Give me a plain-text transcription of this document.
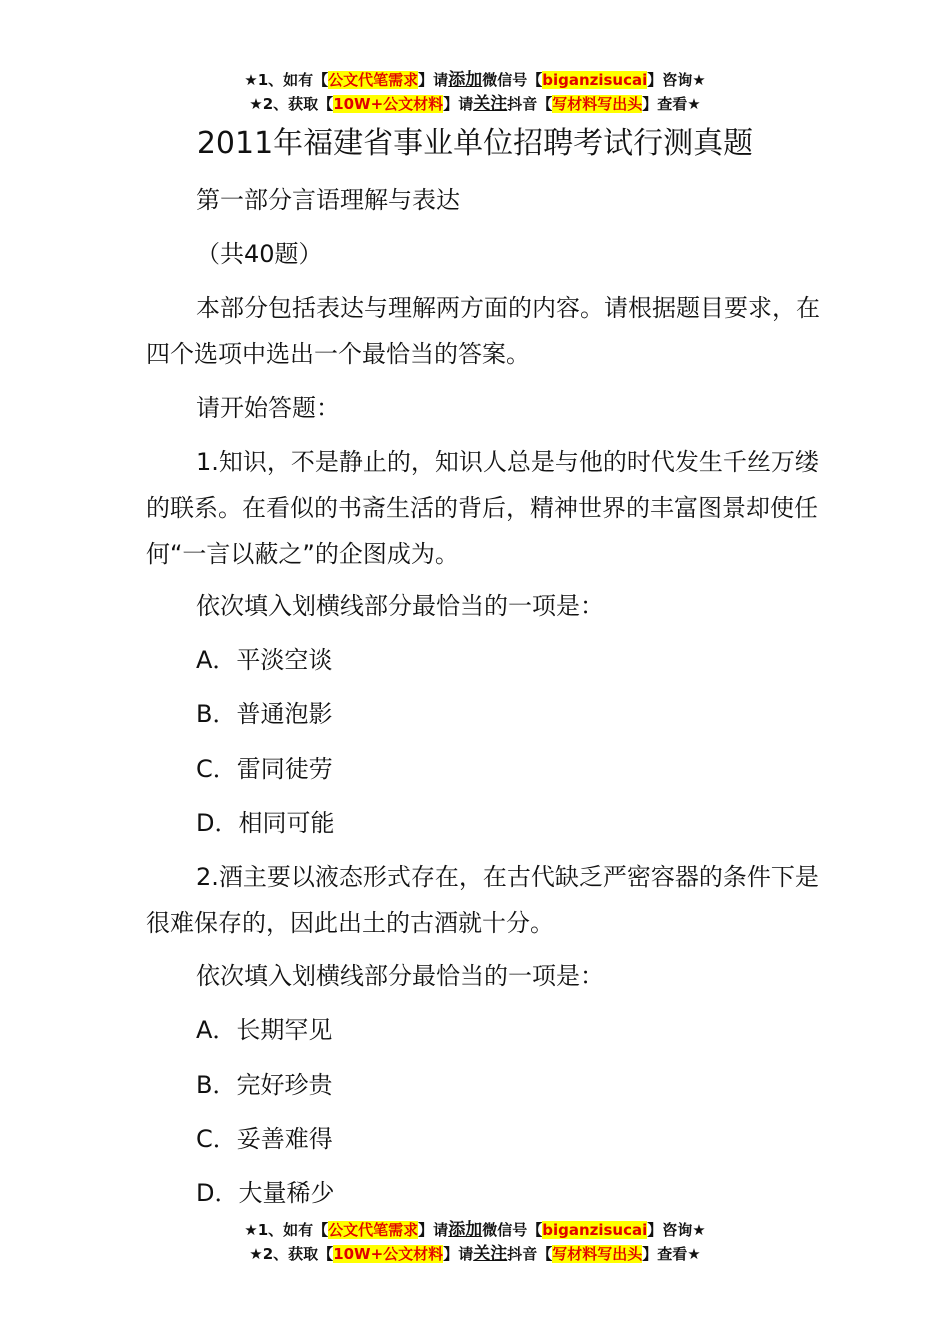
★1、如有【公文代笔需求】请添加微信号【biganzisucai】咨询★
★2、获取【10W+公文材料】请关注抖音【写材料写出头】查看★
2011年福建省事业单位招聘考试行测真题
第一部分言语理解与表达
（共40题）
本部分包括表达与理解两方面的内容。请根据题目要求，在四个选项中选出一个最恰当的答案。
请开始答题：
1.知识，不是静止的，知识人总是与他的时代发生千丝万缕的联系。在看似的书斋生活的背后，精神世界的丰富图景却使任何“一言以蔽之”的企图成为。
依次填入划横线部分最恰当的一项是：
A．平淡空谈
B．普通泡影
C．雷同徒劳
D．相同可能
2.酒主要以液态形式存在，在古代缺乏严密容器的条件下是很难保存的，因此出土的古酒就十分。
依次填入划横线部分最恰当的一项是：
A．长期罕见
B．完好珍贵
C．妥善难得
D．大量稀少
★1、如有【公文代笔需求】请添加微信号【biganzisucai】咨询★
★2、获取【10W+公文材料】请关注抖音【写材料写出头】查看★
